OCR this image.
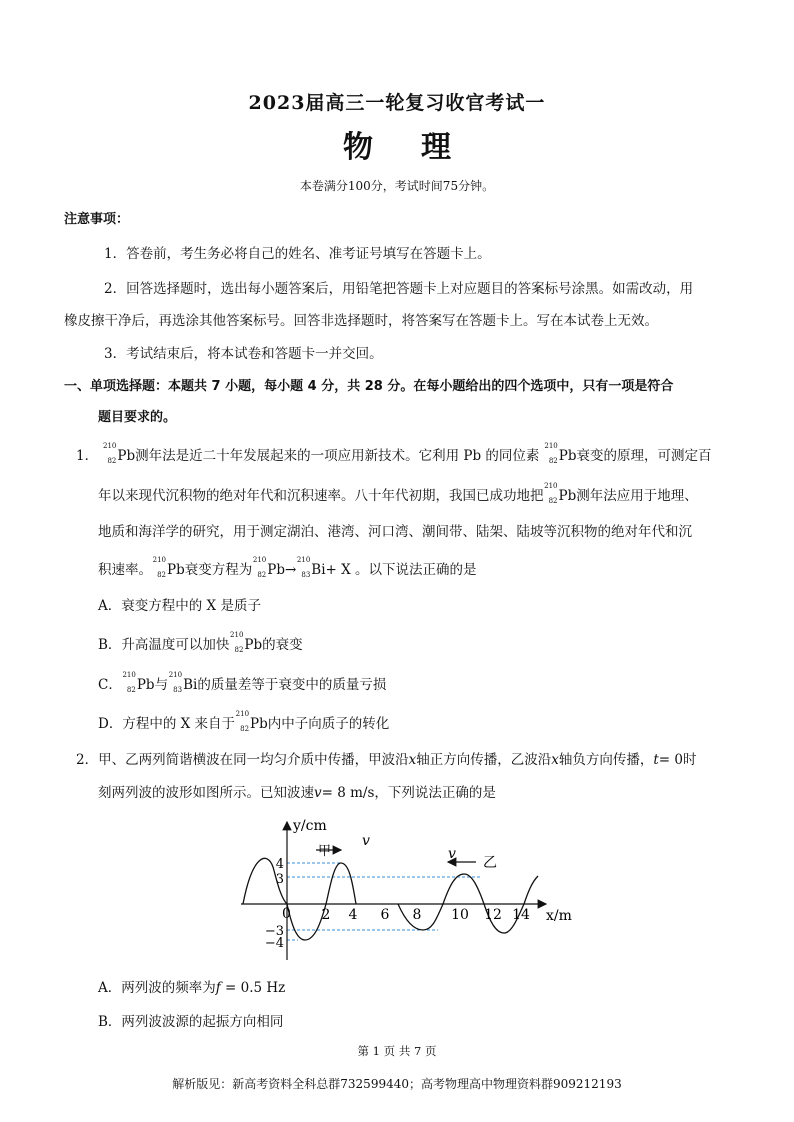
2023届高三一轮复习收官考试一
物 理
本卷满分100分，考试时间75分钟。
注意事项：
1．答卷前，考生务必将自己的姓名、准考证号填写在答题卡上。
2．回答选择题时，选出每小题答案后，用铅笔把答题卡上对应题目的答案标号涂黑。如需改动，用
橡皮擦干净后，再选涂其他答案标号。回答非选择题时，将答案写在答题卡上。写在本试卷上无效。
3．考试结束后，将本试卷和答题卡一并交回。
一、单项选择题：本题共 7 小题，每小题 4 分，共 28 分。在每小题给出的四个选项中，只有一项是符合
题目要求的。
1．
210
82 Pb测年法是近二十年发展起来的一项应用新技术。它利用 Pb 的同位素
210
82 Pb衰变的原理，可测定百
年以来现代沉积物的绝对年代和沉积速率。八十年代初期，我国已成功地把
210
82 Pb测年法应用于地理、
地质和海洋学的研究，用于测定湖泊、港湾、河口湾、潮间带、陆架、陆坡等沉积物的绝对年代和沉
积速率。
210
82 Pb衰变方程为
210
82 Pb→
210
83 Bi+ X 。以下说法正确的是
A．衰变方程中的 X 是质子
B．升高温度可以加快
210
82 Pb的衰变
C．
210
82 Pb与
210
83 Bi的质量差等于衰变中的质量亏损
D．方程中的 X 来自于
210
82 Pb内中子向质子的转化
2．甲、乙两列简谐横波在同一均匀介质中传播，甲波沿x轴正方向传播，乙波沿x轴负方向传播，t= 0时
刻两列波的波形如图所示。已知波速v= 8 m/s，下列说法正确的是
y/cm
甲
v
v
乙
x/m
0
4
3
−3
−4
2 4 6 8 10 12 14
A．两列波的频率为f = 0.5 Hz
B．两列波波源的起振方向相同
第 1 页 共 7 页
解析版见：新高考资料全科总群732599440；高考物理高中物理资料群909212193
